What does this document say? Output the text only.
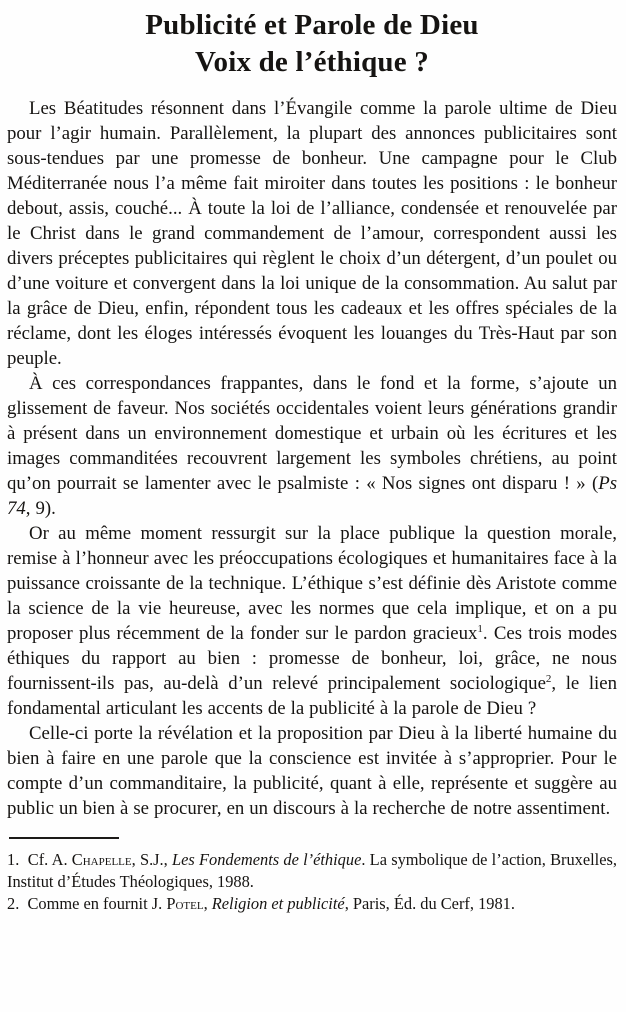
Publicité et Parole de Dieu
Voix de l’éthique ?

Les Béatitudes résonnent dans l’Évangile comme la parole ultime de Dieu pour l’agir humain. Parallèlement, la plupart des annonces publicitaires sont sous-tendues par une promesse de bonheur. Une campagne pour le Club Méditerranée nous l’a même fait miroiter dans toutes les positions : le bonheur debout, assis, couché... À toute la loi de l’alliance, condensée et renouvelée par le Christ dans le grand commandement de l’amour, correspondent aussi les divers préceptes publicitaires qui règlent le choix d’un détergent, d’un poulet ou d’une voiture et convergent dans la loi unique de la consommation. Au salut par la grâce de Dieu, enfin, répondent tous les cadeaux et les offres spéciales de la réclame, dont les éloges intéressés évoquent les louanges du Très-Haut par son peuple.

À ces correspondances frappantes, dans le fond et la forme, s’ajoute un glissement de faveur. Nos sociétés occidentales voient leurs générations grandir à présent dans un environnement domestique et urbain où les écritures et les images commanditées recouvrent largement les symboles chrétiens, au point qu’on pourrait se lamenter avec le psalmiste : « Nos signes ont disparu ! » (Ps 74, 9).

Or au même moment ressurgit sur la place publique la question morale, remise à l’honneur avec les préoccupations écologiques et humanitaires face à la puissance croissante de la technique. L’éthique s’est définie dès Aristote comme la science de la vie heureuse, avec les normes que cela implique, et on a pu proposer plus récemment de la fonder sur le pardon gracieux$^1$. Ces trois modes éthiques du rapport au bien : promesse de bonheur, loi, grâce, ne nous fournissent-ils pas, au-delà d’un relevé principalement sociologique$^2$, le lien fondamental articulant les accents de la publicité à la parole de Dieu ?

Celle-ci porte la révélation et la proposition par Dieu à la liberté humaine du bien à faire en une parole que la conscience est invitée à s’approprier. Pour le compte d’un commanditaire, la publicité, quant à elle, représente et suggère au public un bien à se procurer, en un discours à la recherche de notre assentiment.

1.  Cf. A. Chapelle, S.J., Les Fondements de l’éthique. La symbolique de l’action, Bruxelles, Institut d’Études Théologiques, 1988.

2.  Comme en fournit J. Potel, Religion et publicité, Paris, Éd. du Cerf, 1981.
